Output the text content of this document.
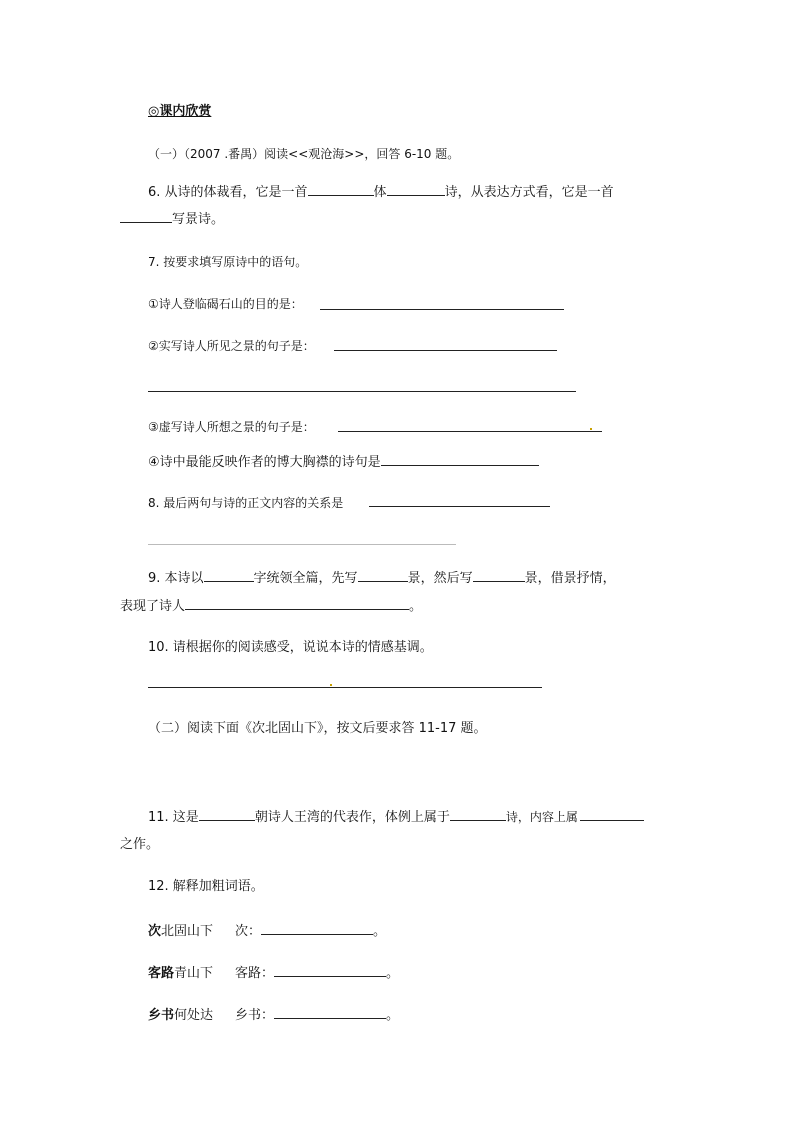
◎课内欣赏
（一）（2007 .番禺）阅读<<观沧海>>，回答 6-10 题。
6. 从诗的体裁看，它是一首	体	诗，从表达方式看，它是一首
写景诗。
7. 按要求填写原诗中的语句。
①诗人登临碣石山的目的是：
②实写诗人所见之景的句子是：
③虚写诗人所想之景的句子是：
④诗中最能反映作者的博大胸襟的诗句是
8. 最后两句与诗的正文内容的关系是
9. 本诗以	字统领全篇，先写	景，然后写	景，借景抒情，
表现了诗人	。
10. 请根据你的阅读感受，说说本诗的情感基调。
（二）阅读下面《次北固山下》，按文后要求答 11-17 题。
11. 这是	朝诗人王湾的代表作，体例上属于	诗，内容上属
之作。
12. 解释加粗词语。
次北固山下 次：	。
客路青山下 客路：	。
乡书何处达 乡书：	。
